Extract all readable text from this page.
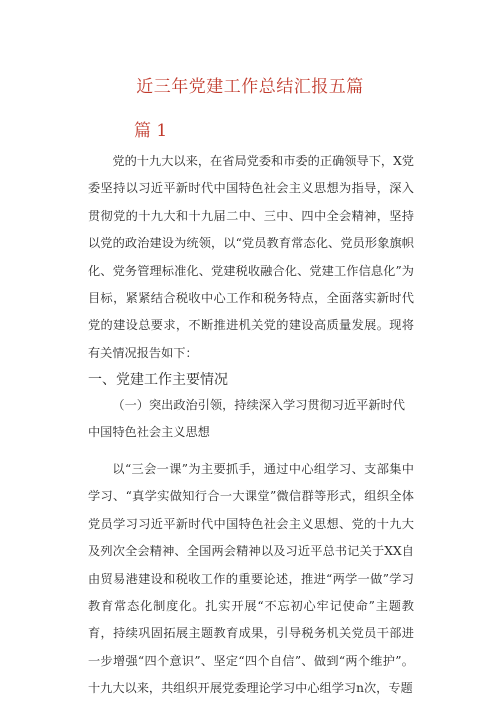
近三年党建工作总结汇报五篇
篇 1

党的十九大以来，在省局党委和市委的正确领导下，X党委坚持以习近平新时代中国特色社会主义思想为指导，深入贯彻党的十九大和十九届二中、三中、四中全会精神，坚持以党的政治建设为统领，以“党员教育常态化、党员形象旗帜化、党务管理标准化、党建税收融合化、党建工作信息化”为目标，紧紧结合税收中心工作和税务特点，全面落实新时代党的建设总要求，不断推进机关党的建设高质量发展。现将有关情况报告如下：

一、党建工作主要情况

（一）突出政治引领，持续深入学习贯彻习近平新时代中国特色社会主义思想

以“三会一课”为主要抓手，通过中心组学习、支部集中学习、“真学实做知行合一大课堂”微信群等形式，组织全体党员学习习近平新时代中国特色社会主义思想、党的十九大及列次全会精神、全国两会精神以及习近平总书记关于XX自由贸易港建设和税收工作的重要论述，推进“两学一做”学习教育常态化制度化。扎实开展“不忘初心牢记使命”主题教育，持续巩固拓展主题教育成果，引导税务机关党员干部进一步增强“四个意识”、坚定“四个自信”、做到“两个维护”。十九大以来，共组织开展党委理论学习中心组学习n次，专题
